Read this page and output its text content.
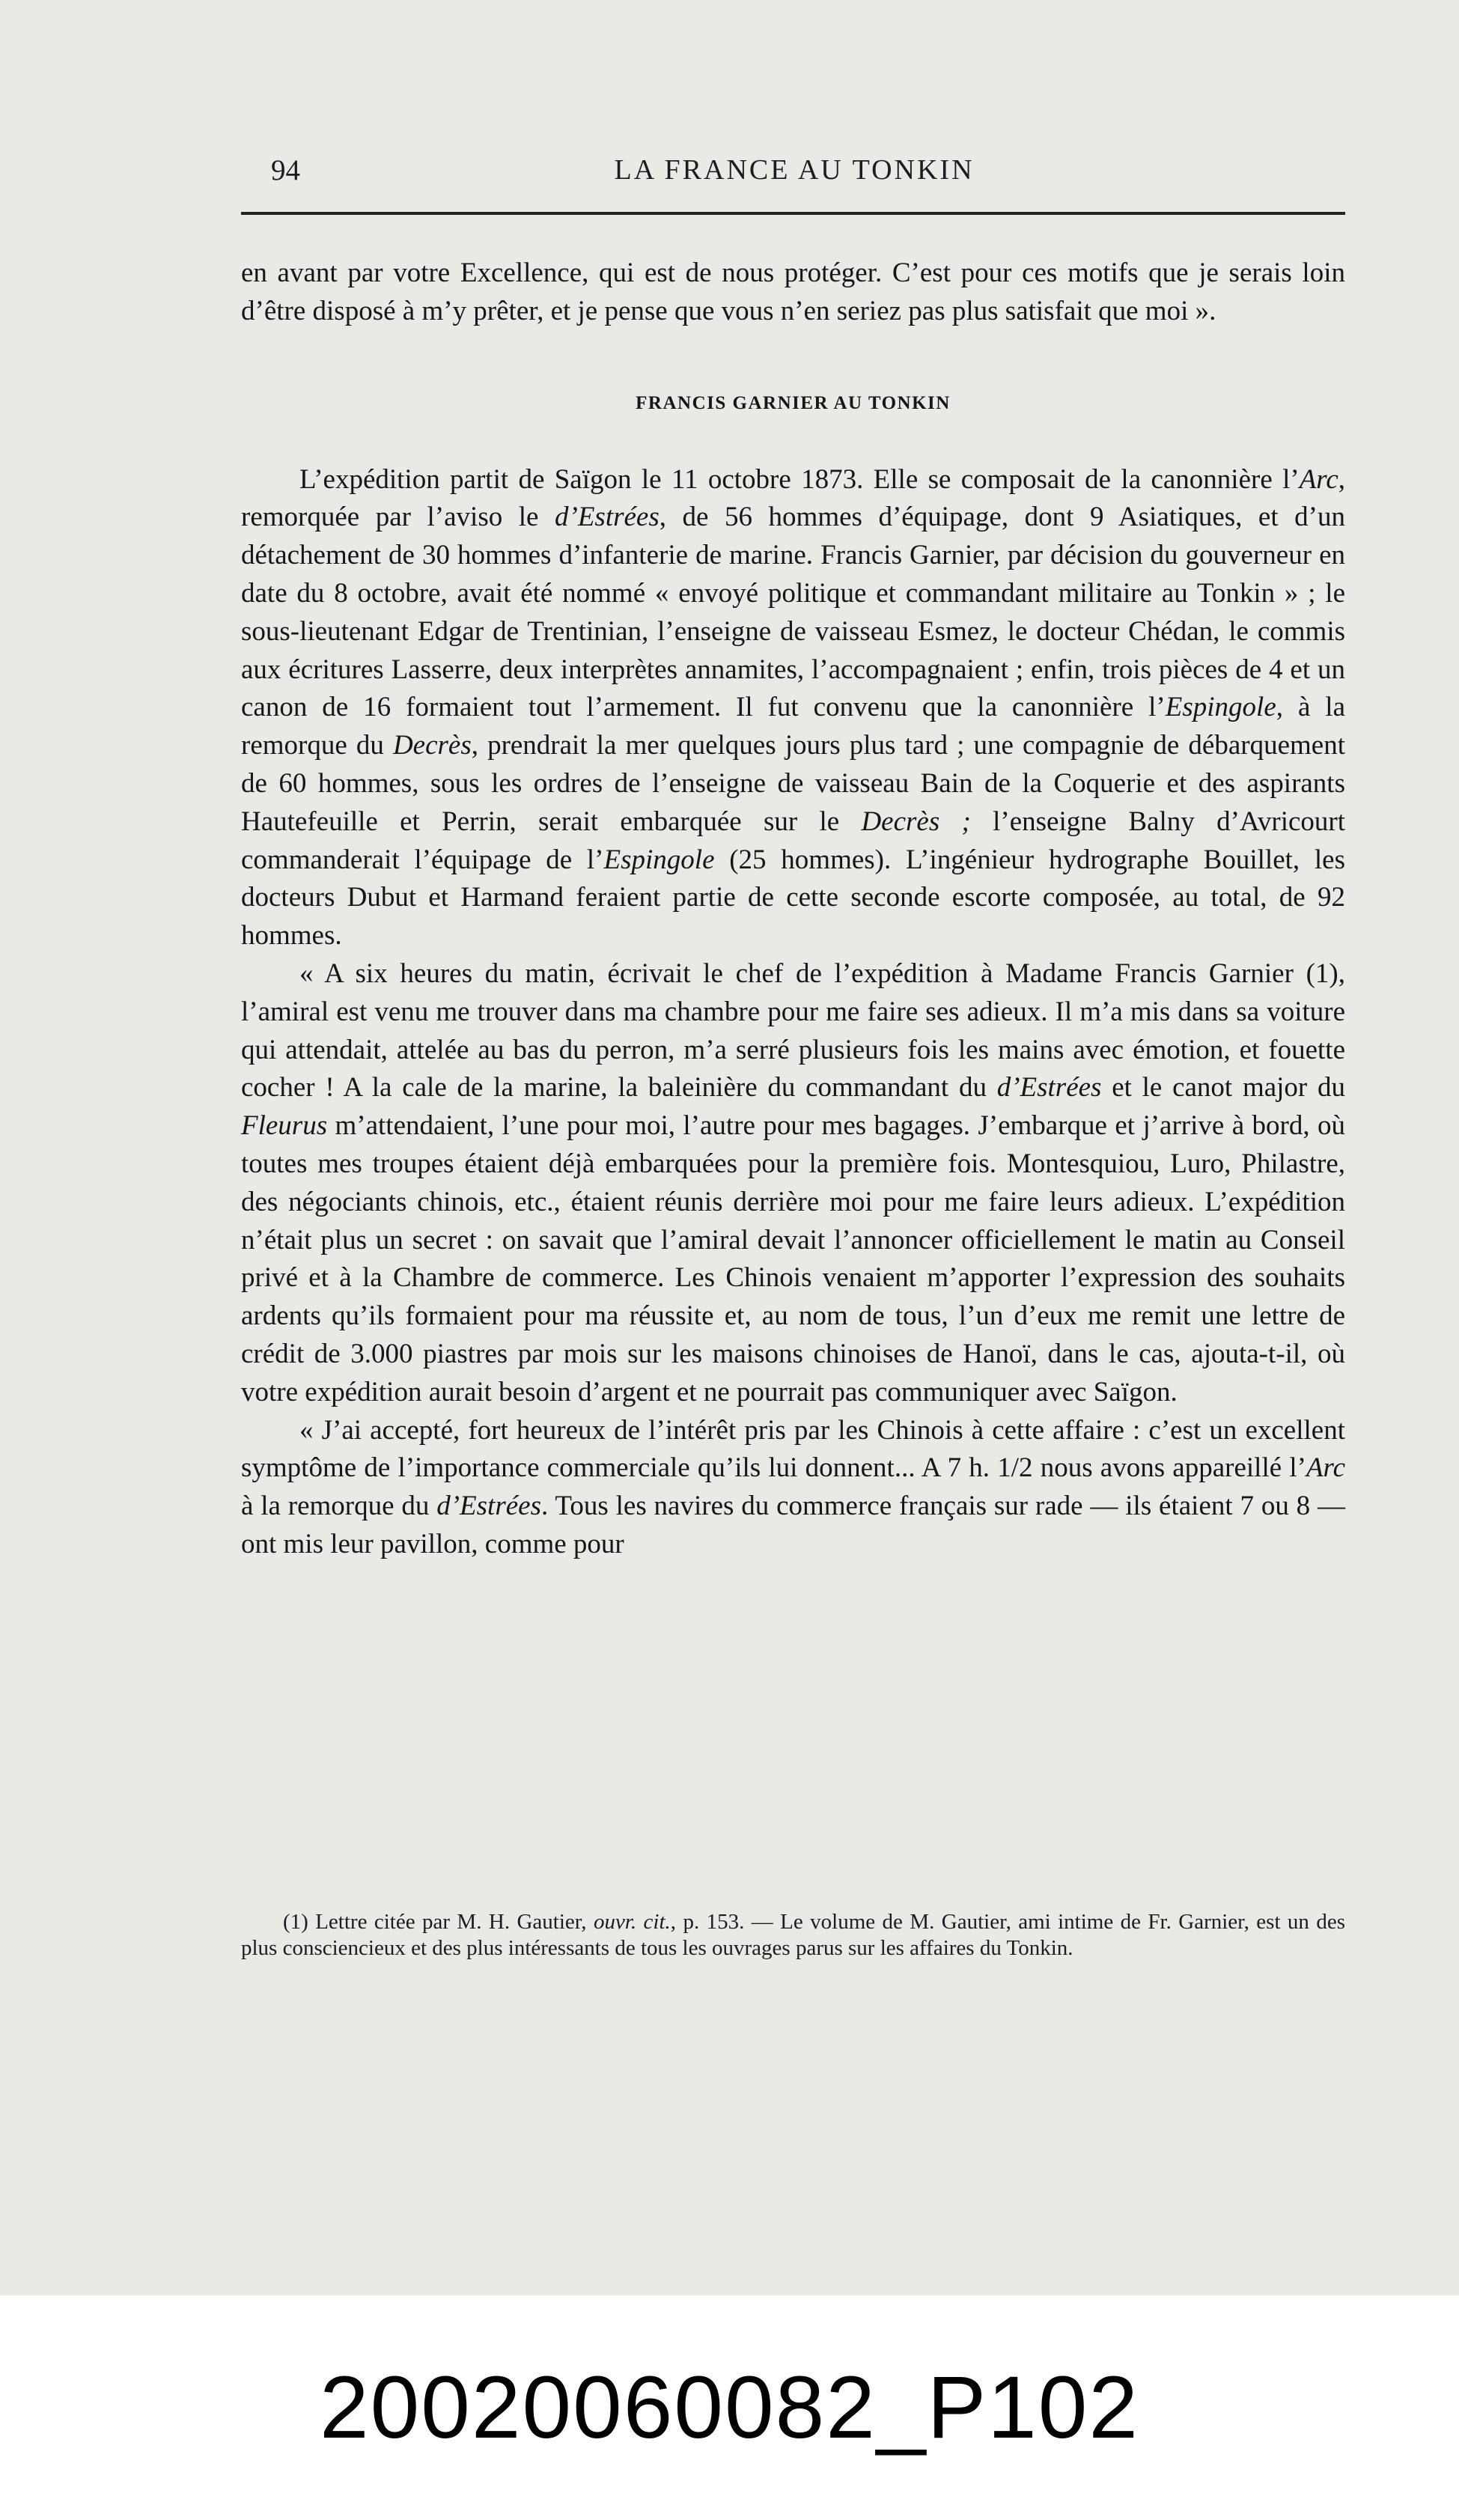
94	LA FRANCE AU TONKIN

en avant par votre Excellence, qui est de nous protéger. C’est pour ces motifs que je serais loin d’être disposé à m’y prêter, et je pense que vous n’en seriez pas plus satisfait que moi ».

FRANCIS GARNIER AU TONKIN

L’expédition partit de Saïgon le 11 octobre 1873. Elle se composait de la canonnière l’Arc, remorquée par l’aviso le d’Estrées, de 56 hommes d’équipage, dont 9 Asiatiques, et d’un détachement de 30 hommes d’infanterie de marine. Francis Garnier, par décision du gouverneur en date du 8 octobre, avait été nommé « envoyé politique et commandant militaire au Tonkin » ; le sous-lieutenant Edgar de Trentinian, l’enseigne de vaisseau Esmez, le docteur Chédan, le commis aux écritures Lasserre, deux interprètes annamites, l’accompagnaient ; enfin, trois pièces de 4 et un canon de 16 formaient tout l’armement. Il fut convenu que la canonnière l’Espingole, à la remorque du Decrès, prendrait la mer quelques jours plus tard ; une compagnie de débarquement de 60 hommes, sous les ordres de l’enseigne de vaisseau Bain de la Coquerie et des aspirants Hautefeuille et Perrin, serait embarquée sur le Decrès ; l’enseigne Balny d’Avricourt commanderait l’équipage de l’Espingole (25 hommes). L’ingénieur hydrographe Bouillet, les docteurs Dubut et Harmand feraient partie de cette seconde escorte composée, au total, de 92 hommes.

« A six heures du matin, écrivait le chef de l’expédition à Madame Francis Garnier (1), l’amiral est venu me trouver dans ma chambre pour me faire ses adieux. Il m’a mis dans sa voiture qui attendait, attelée au bas du perron, m’a serré plusieurs fois les mains avec émotion, et fouette cocher ! A la cale de la marine, la baleinière du commandant du d’Estrées et le canot major du Fleurus m’attendaient, l’une pour moi, l’autre pour mes bagages. J’embarque et j’arrive à bord, où toutes mes troupes étaient déjà embarquées pour la première fois. Montesquiou, Luro, Philastre, des négociants chinois, etc., étaient réunis derrière moi pour me faire leurs adieux. L’expédition n’était plus un secret : on savait que l’amiral devait l’annoncer officiellement le matin au Conseil privé et à la Chambre de commerce. Les Chinois venaient m’apporter l’expression des souhaits ardents qu’ils formaient pour ma réussite et, au nom de tous, l’un d’eux me remit une lettre de crédit de 3.000 piastres par mois sur les maisons chinoises de Hanoï, dans le cas, ajouta-t-il, où votre expédition aurait besoin d’argent et ne pourrait pas communiquer avec Saïgon.

« J’ai accepté, fort heureux de l’intérêt pris par les Chinois à cette affaire : c’est un excellent symptôme de l’importance commerciale qu’ils lui donnent... A 7 h. 1/2 nous avons appareillé l’Arc à la remorque du d’Estrées. Tous les navires du commerce français sur rade — ils étaient 7 ou 8 — ont mis leur pavillon, comme pour

(1) Lettre citée par M. H. Gautier, ouvr. cit., p. 153. — Le volume de M. Gautier, ami intime de Fr. Garnier, est un des plus consciencieux et des plus intéressants de tous les ouvrages parus sur les affaires du Tonkin.
20020060082_P102
